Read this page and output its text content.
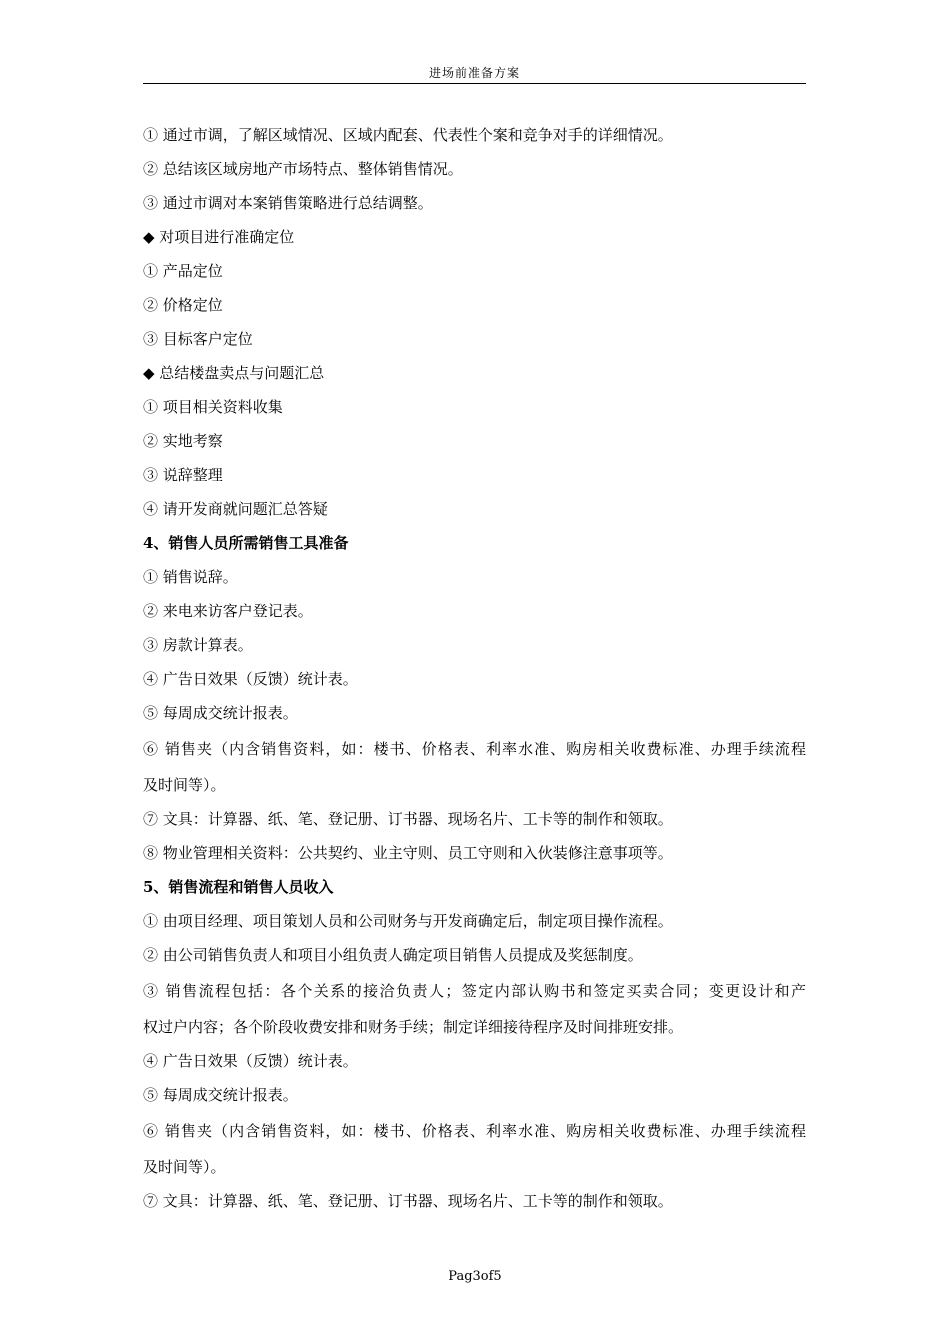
进场前准备方案
① 通过市调，了解区域情况、区域内配套、代表性个案和竞争对手的详细情况。
② 总结该区域房地产市场特点、整体销售情况。
③ 通过市调对本案销售策略进行总结调整。
◆ 对项目进行准确定位
① 产品定位
② 价格定位
③ 目标客户定位
◆ 总结楼盘卖点与问题汇总
① 项目相关资料收集
② 实地考察
③ 说辞整理
④ 请开发商就问题汇总答疑
4、销售人员所需销售工具准备
① 销售说辞。
② 来电来访客户登记表。
③ 房款计算表。
④ 广告日效果（反馈）统计表。
⑤ 每周成交统计报表。
⑥ 销售夹（内含销售资料，如：楼书、价格表、利率水准、购房相关收费标准、办理手续流程
及时间等）。
⑦ 文具：计算器、纸、笔、登记册、订书器、现场名片、工卡等的制作和领取。
⑧ 物业管理相关资料：公共契约、业主守则、员工守则和入伙装修注意事项等。
5、销售流程和销售人员收入
① 由项目经理、项目策划人员和公司财务与开发商确定后，制定项目操作流程。
② 由公司销售负责人和项目小组负责人确定项目销售人员提成及奖惩制度。
③ 销售流程包括：各个关系的接洽负责人；签定内部认购书和签定买卖合同；变更设计和产
权过户内容；各个阶段收费安排和财务手续；制定详细接待程序及时间排班安排。
④ 广告日效果（反馈）统计表。
⑤ 每周成交统计报表。
⑥ 销售夹（内含销售资料，如：楼书、价格表、利率水准、购房相关收费标准、办理手续流程
及时间等）。
⑦ 文具：计算器、纸、笔、登记册、订书器、现场名片、工卡等的制作和领取。
Pag3of5
